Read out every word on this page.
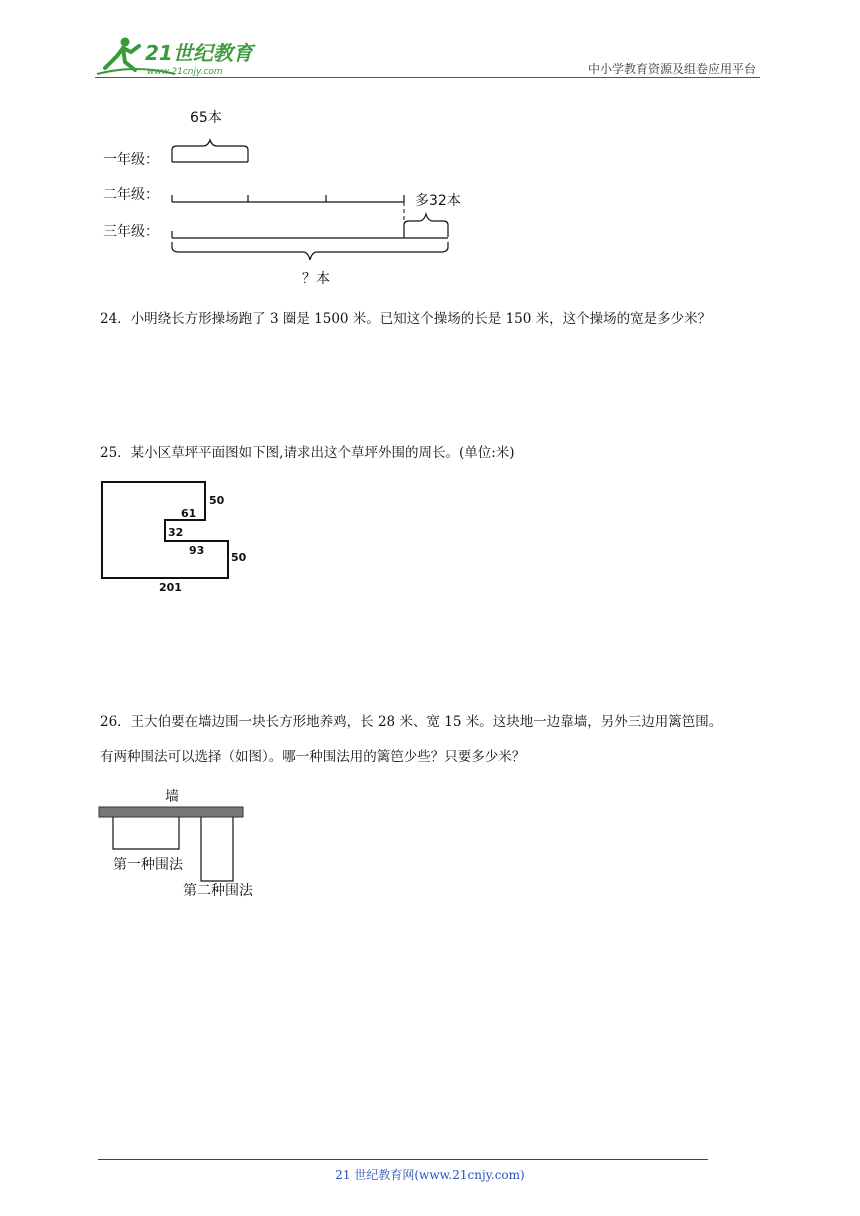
21世纪教育
www.21cnjy.com	中小学教育资源及组卷应用平台
65本
一年级：
二年级：	多32本
三年级：
？本
24．小明绕长方形操场跑了 3 圈是 1500 米。已知这个操场的长是 150 米，这个操场的宽是多少米？
25．某小区草坪平面图如下图,请求出这个草坪外围的周长。(单位:米)
50
61
32
93
50
201
26．王大伯要在墙边围一块长方形地养鸡，长 28 米、宽 15 米。这块地一边靠墙，另外三边用篱笆围。
有两种围法可以选择（如图）。哪一种围法用的篱笆少些？只要多少米？
墙
第一种围法
第二种围法
21 世纪教育网(www.21cnjy.com)
